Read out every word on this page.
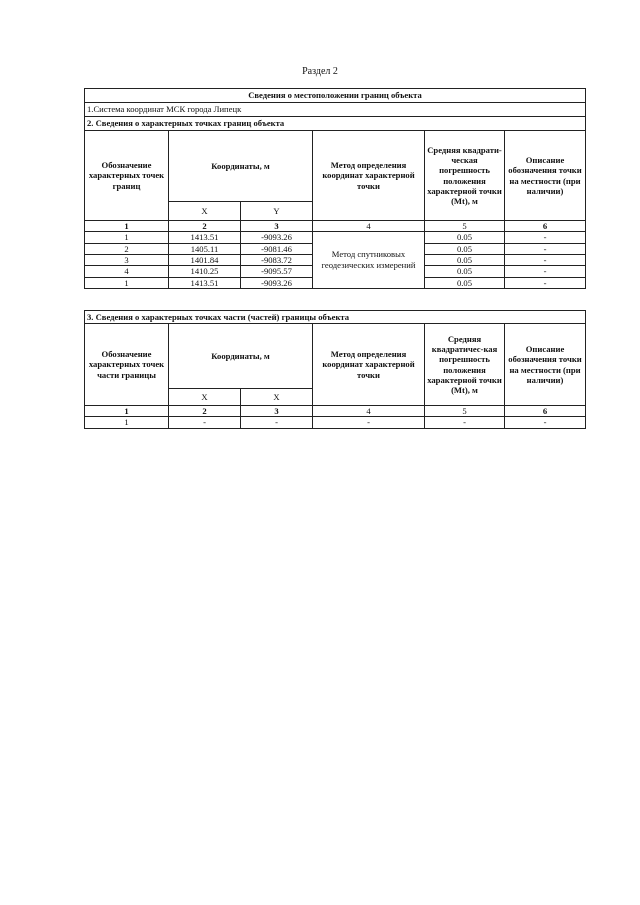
Раздел 2
Сведения о местоположении границ объекта					
1.Система координат МСК города Липецк					
2. Сведения о характерных точках границ объекта					
Обозначение характерных точек границ	Координаты, м		Метод определения координат характерной точки	Средняя квадрати-ческая погрешность положения характерной точки (Mt), м	Описание обозначения точки на местности (при наличии)
	X	Y			
1	2	3	4	5	6
1	1413.51	-9093.26	Метод спутниковых геодезических измерений	0.05	-
2	1405.11	-9081.46		0.05	-
3	1401.84	-9083.72		0.05	-
4	1410.25	-9095.57		0.05	-
1	1413.51	-9093.26		0.05	-
3. Сведения о характерных точках части (частей) границы объекта					
Обозначение характерных точек части границы	Координаты, м		Метод определения координат характерной точки	Средняя квадратичес-кая погрешность положения характерной точки (Mt), м	Описание обозначения точки на местности (при наличии)
	X	X			
1	2	3	4	5	6
1	-	-	-	-	-
